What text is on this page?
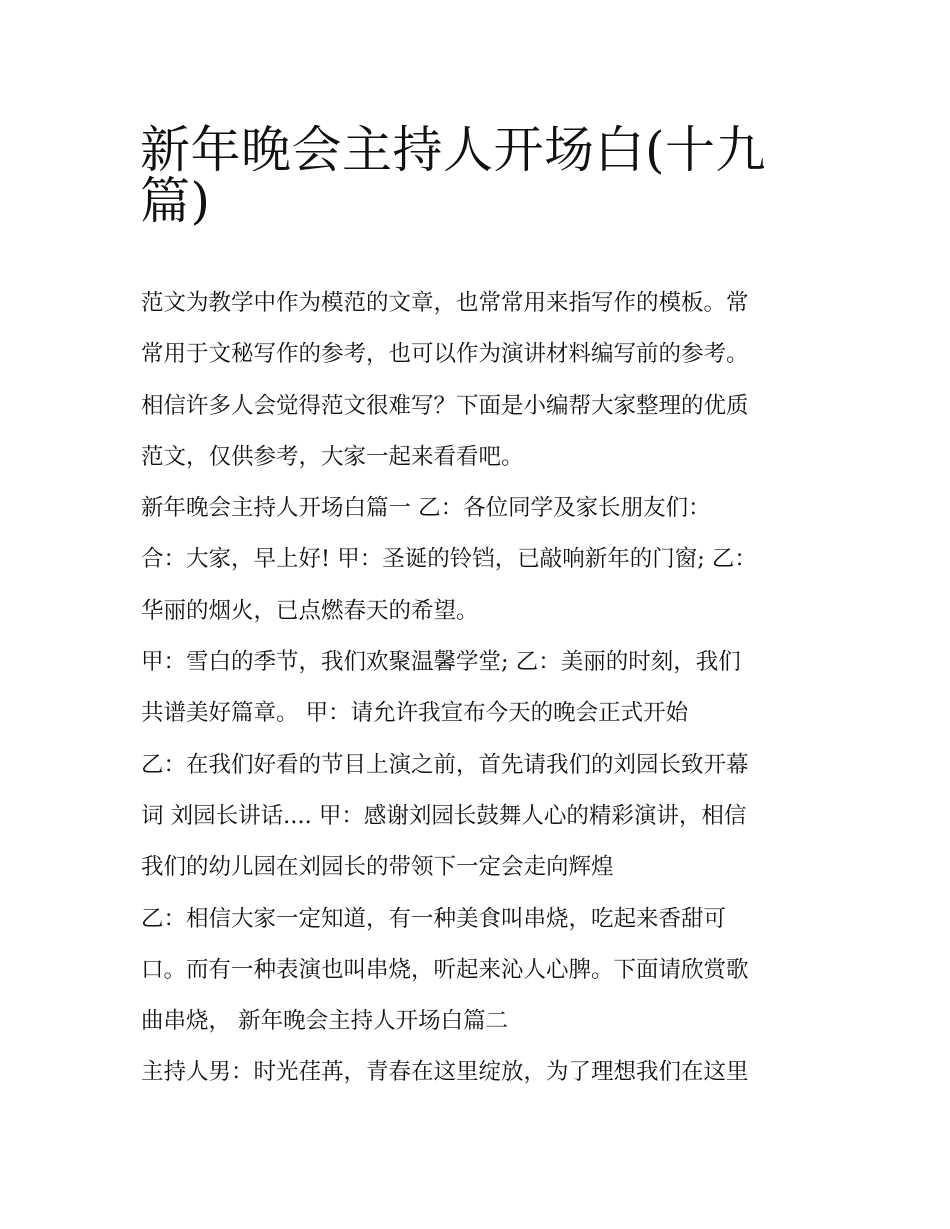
新年晚会主持人开场白(十九
篇)
范文为教学中作为模范的文章，也常常用来指写作的模板。常
常用于文秘写作的参考，也可以作为演讲材料编写前的参考。
相信许多人会觉得范文很难写？下面是小编帮大家整理的优质
范文，仅供参考，大家一起来看看吧。
新年晚会主持人开场白篇一 乙：各位同学及家长朋友们：
合：大家，早上好! 甲：圣诞的铃铛，已敲响新年的门窗; 乙：
华丽的烟火，已点燃春天的希望。
甲：雪白的季节，我们欢聚温馨学堂; 乙：美丽的时刻，我们
共谱美好篇章。 甲：请允许我宣布今天的晚会正式开始
乙：在我们好看的节目上演之前，首先请我们的刘园长致开幕
词 刘园长讲话.... 甲：感谢刘园长鼓舞人心的精彩演讲，相信
我们的幼儿园在刘园长的带领下一定会走向辉煌
乙：相信大家一定知道，有一种美食叫串烧，吃起来香甜可
口。而有一种表演也叫串烧，听起来沁人心脾。下面请欣赏歌
曲串烧， 新年晚会主持人开场白篇二
主持人男：时光荏苒，青春在这里绽放，为了理想我们在这里
